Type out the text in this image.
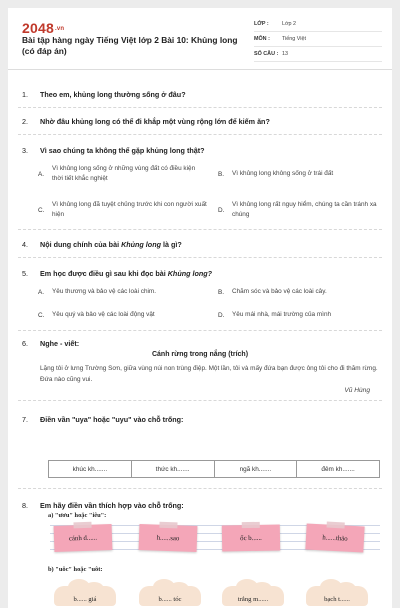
2048.vn
Bài tập hàng ngày Tiếng Việt lớp 2 Bài 10: Khủng long (có đáp án)
LỚP :	Lớp 2
MÔN :	Tiếng Việt
SỐ CÂU : 13
1. Theo em, khủng long thường sống ở đâu?
2. Nhờ đâu khủng long có thể đi khắp một vùng rộng lớn để kiếm ăn?
3. Vì sao chúng ta không thể gặp khủng long thật?
A.
Vì khủng long sống ở những vùng đất có điều kiện thời tiết khắc nghiệt
B.	Vì khủng long không sống ở trái đất
C.
Vì khủng long đã tuyệt chủng trước khi con người xuất hiện
D.
Vì khủng long rất nguy hiểm, chúng ta cần tránh xa chúng
4. Nội dung chính của bài Khủng long là gì?
5. Em học được điều gì sau khi đọc bài Khủng long?
A.	Yêu thương và bảo vệ các loài chim.	B.	Chăm sóc và bảo vệ các loài cây.
C.	Yêu quý và bảo vệ các loài động vật	D.	Yêu mái nhà, mái trường của mình
6. Nghe - viết:
Cánh rừng trong nắng (trích)
Lặng tôi ở lưng Trường Sơn, giữa vùng núi non trùng điệp. Một lần, tôi và mấy đứa bạn được ông tôi cho đi thăm rừng. Đứa nào cũng vui.
Vũ Hùng
7. Điền vần "uya" hoặc "uyu" vào chỗ trống:
khúc kh.......	thức kh.......	ngã kh.......	đêm kh.......
8. Em hãy điền vần thích hợp vào chỗ trống:
a) "ươu" hoặc "iêu":
cánh d......	h......sao	ốc b......	h......thảo
b) "uôc" hoặc "uôt:
b...... giá	b...... tóc	trắng m......	bạch t......
